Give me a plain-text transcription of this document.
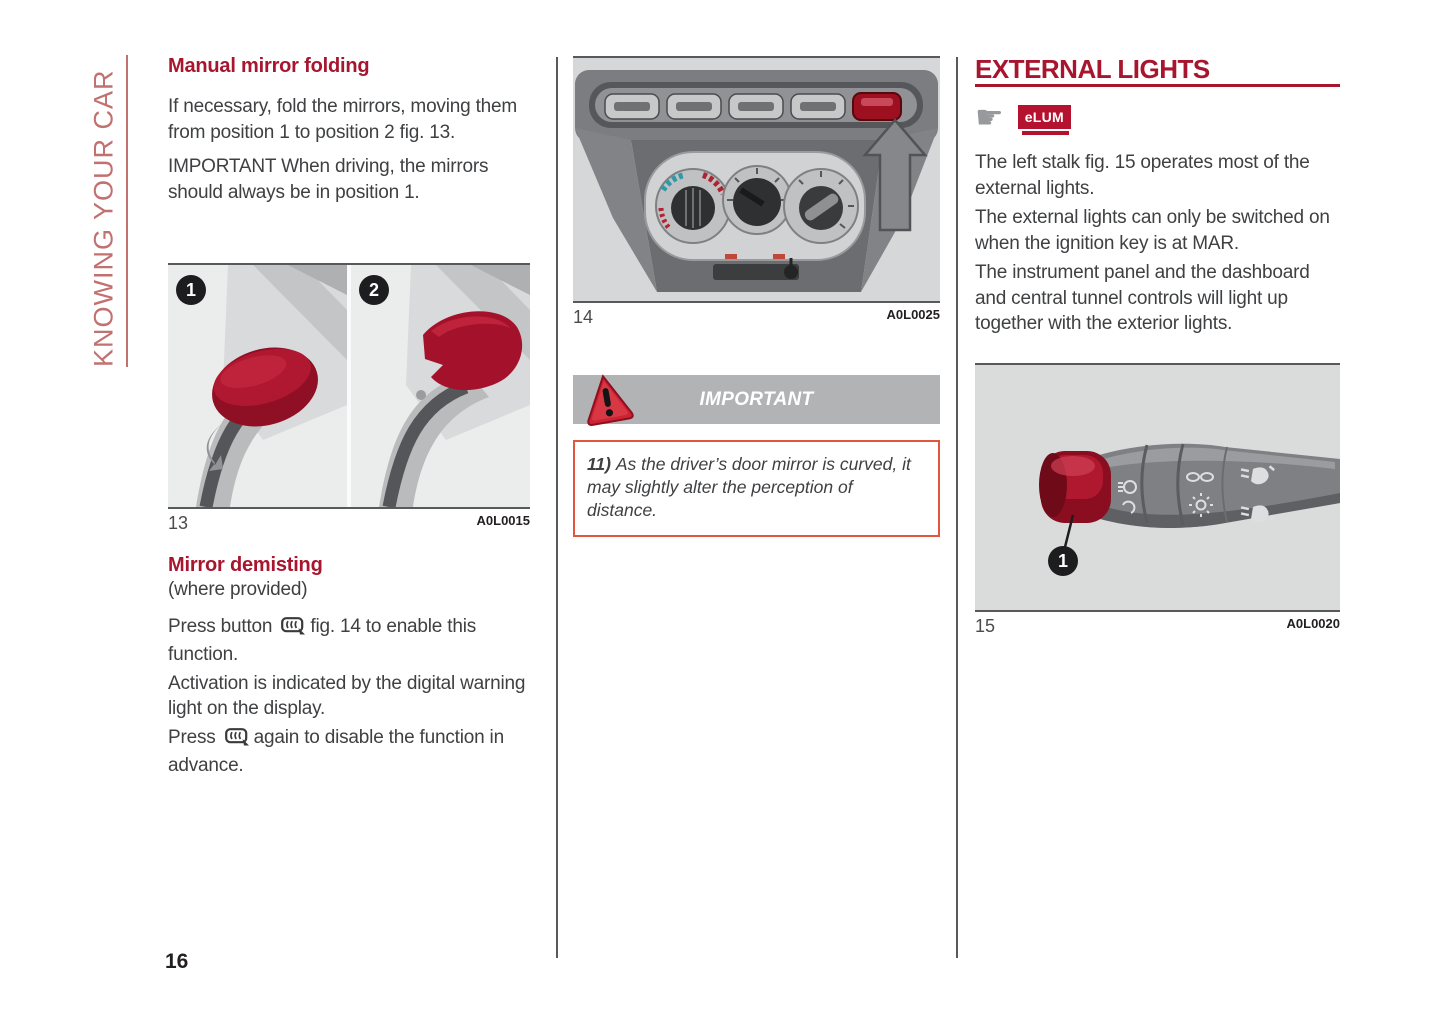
KNOWING YOUR CAR
Manual mirror folding

If necessary, fold the mirrors, moving them from position 1 to position 2 fig. 13.

IMPORTANT When driving, the mirrors should always be in position 1.

1	2
13	A0L0015
Mirror demisting
(where provided)

Press button fig. 14 to enable this function.

Activation is indicated by the digital warning light on the display.

Press again to disable the function in advance.

14	A0L0025
IMPORTANT
11) As the driver’s door mirror is curved, it may slightly alter the perception of distance.
EXTERNAL LIGHTS
☛	eLUM

The left stalk fig. 15 operates most of the external lights.

The external lights can only be switched on when the ignition key is at MAR.

The instrument panel and the dashboard and central tunnel controls will light up together with the exterior lights.

1
15	A0L0020
16
